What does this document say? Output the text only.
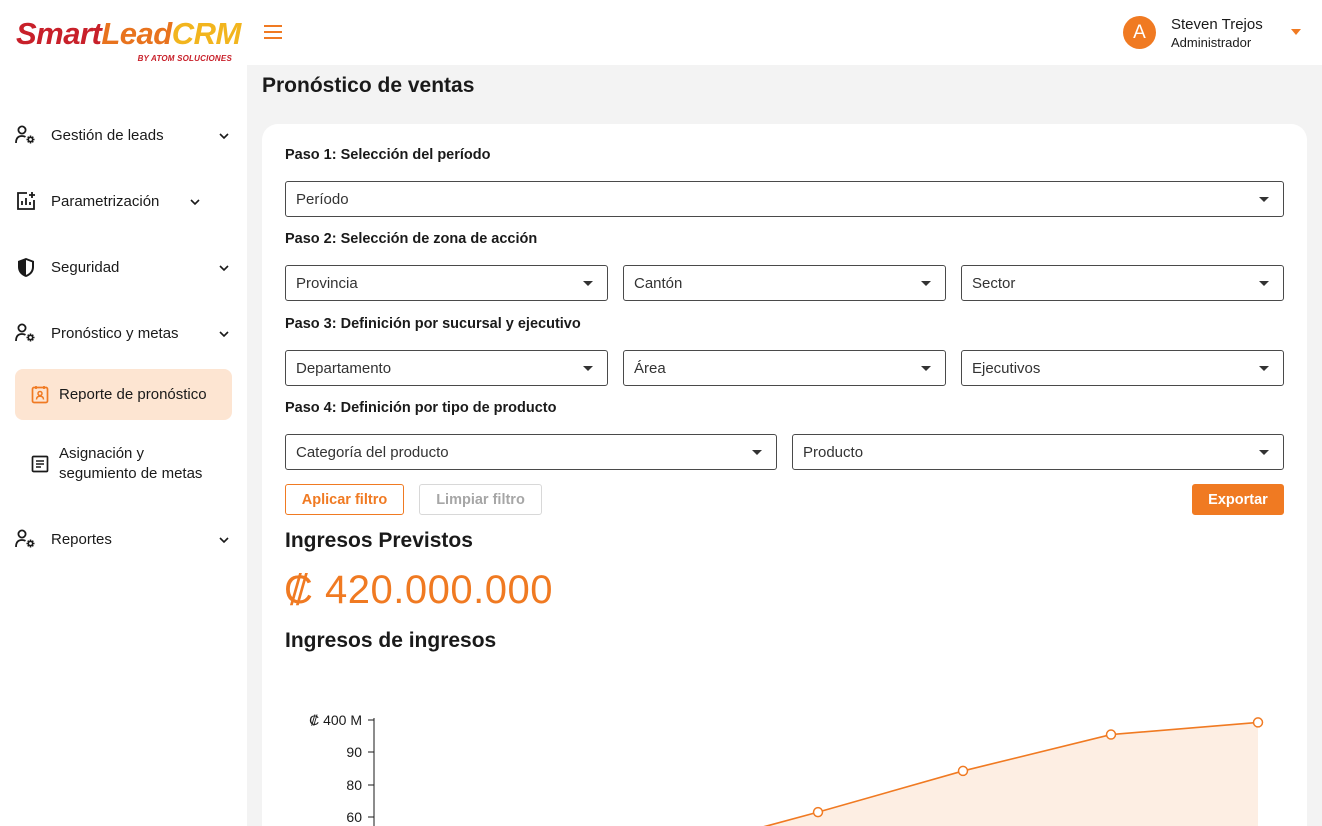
SmartLeadCRM
BY ATOM SOLUCIONES
Gestión de leads
Parametrización
Seguridad
Pronóstico y metas
Reporte de pronóstico
Asignación y
segumiento de metas
Reportes
A	Steven Trejos
Administrador
Pronóstico de ventas
Paso 1: Selección del período
Período
Paso 2: Selección de zona de acción
Provincia	Cantón	Sector
Paso 3: Definición por sucursal y ejecutivo
Departamento	Área	Ejecutivos
Paso 4: Definición por tipo de producto
Categoría del producto	Producto
Aplicar filtro	Limpiar filtro	Exportar
Ingresos Previstos
₡ 420.000.000
Ingresos de ingresos
₡ 400 M
90
80
60
